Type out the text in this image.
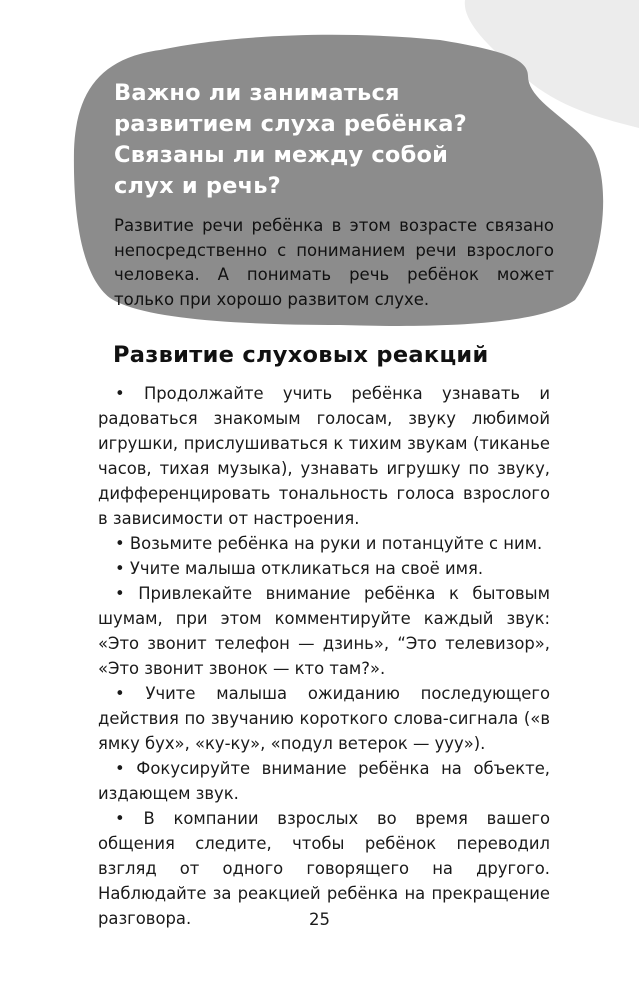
Важно ли заниматься
развитием слуха ребёнка?
Связаны ли между собой
слух и речь?

Развитие речи ребёнка в этом возрасте связано непосредственно с пониманием речи взрослого человека. А понимать речь ребёнок может только при хорошо развитом слухе.

Развитие слуховых реакций

• Продолжайте учить ребёнка узнавать и радоваться знакомым голосам, звуку любимой игрушки, прислушиваться к тихим звукам (тиканье часов, тихая музыка), узнавать игрушку по звуку, дифференцировать тональность голоса взрослого в зависимости от настроения.

• Возьмите ребёнка на руки и потанцуйте с ним.

• Учите малыша откликаться на своё имя.

• Привлекайте внимание ребёнка к бытовым шумам, при этом комментируйте каждый звук: «Это звонит телефон — дзинь», “Это телевизор», «Это звонит звонок — кто там?».

• Учите малыша ожиданию последующего действия по звучанию короткого слова-сигнала («в ямку бух», «ку-ку», «подул ветерок — ууу»).

• Фокусируйте внимание ребёнка на объекте, издающем звук.

• В компании взрослых во время вашего общения следите, чтобы ребёнок переводил взгляд от одного говорящего на другого. Наблюдайте за реакцией ребёнка на прекращение разговора.	25
